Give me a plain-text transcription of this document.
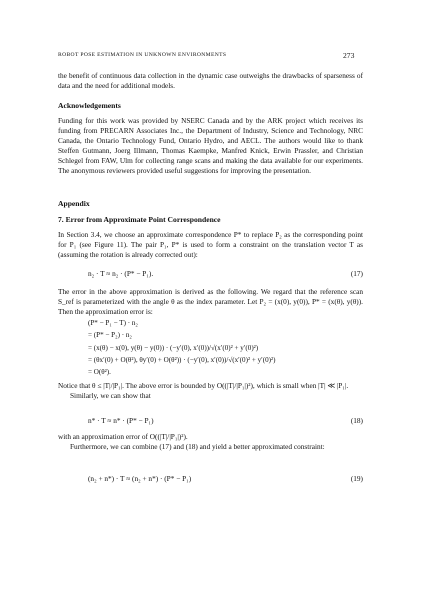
ROBOT POSE ESTIMATION IN UNKNOWN ENVIRONMENTS	273

the benefit of continuous data collection in the dynamic case outweighs the drawbacks of sparseness of data and the need for additional models.

Acknowledgements

Funding for this work was provided by NSERC Canada and by the ARK project which receives its funding from PRECARN Associates Inc., the Department of Industry, Science and Technology, NRC Canada, the Ontario Technology Fund, Ontario Hydro, and AECL. The authors would like to thank Steffen Gutmann, Joerg Illmann, Thomas Kaempke, Manfred Knick, Erwin Prassler, and Christian Schlegel from FAW, Ulm for collecting range scans and making the data available for our experiments. The anonymous reviewers provided useful suggestions for improving the presentation.

Appendix
7. Error from Approximate Point Correspondence

In Section 3.4, we choose an approximate correspondence P* to replace P₂ as the corresponding point for P₁ (see Figure 11). The pair P₁, P* is used to form a constraint on the translation vector T as (assuming the rotation is already corrected out):

n₂ · T ≈ n₂ · (P* − P₁).	(17)

The error in the above approximation is derived as the following. We regard that the reference scan S_ref is parameterized with the angle θ as the index parameter. Let P₂ = (x(0), y(0)), P* = (x(θ), y(θ)). Then the approximation error is:

(P* − P₁ − T) · n₂
= (P* − P₂) · n₂
= (x(θ) − x(0), y(θ) − y(0)) · (−y′(0), x′(0))/√(x′(0)² + y′(0)²)
= (θx′(0) + O(θ²), θy′(0) + O(θ²)) · (−y′(0), x′(0))/√(x′(0)² + y′(0)²)
= O(θ²).

Notice that θ ≤ |T|/|P₁|. The above error is bounded by O((|T|/|P₁|)²), which is small when |T| ≪ |P₁|.

Similarly, we can show that

n* · T ≈ n* · (P* − P₁)	(18)

with an approximation error of O((|T|/|P₁|)²).

Furthermore, we can combine (17) and (18) and yield a better approximated constraint:

(n₂ + n*) · T ≈ (n₂ + n*) · (P* − P₁)	(19)
